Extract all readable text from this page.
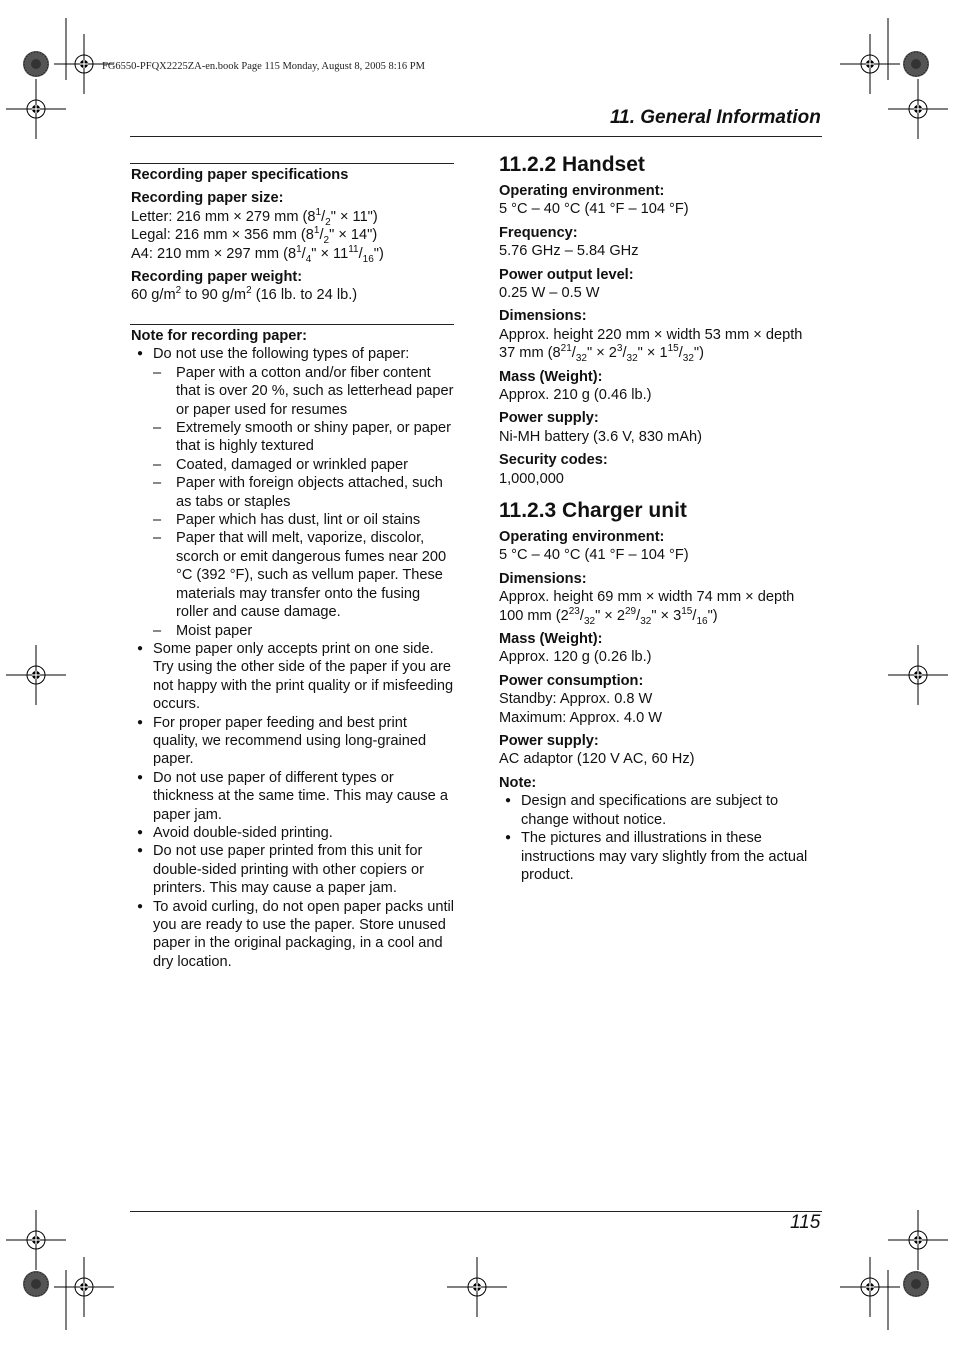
FG6550-PFQX2225ZA-en.book Page 115 Monday, August 8, 2005 8:16 PM
11. General Information

Recording paper specifications

Recording paper size:

Letter: 216 mm × 279 mm ($8^1/_2$" × 11")

Legal: 216 mm × 356 mm ($8^1/_2$" × 14")

A4: 210 mm × 297 mm ($8^1/_4$" × $11^{11}/_{16}$")

Recording paper weight:

60 $g/m^2$ to 90 $g/m^2$ (16 lb. to 24 lb.)

Note for recording paper:

● Do not use the following types of paper:
– Paper with a cotton and/or fiber content that is over 20 %, such as letterhead paper or paper used for resumes
– Extremely smooth or shiny paper, or paper that is highly textured
– Coated, damaged or wrinkled paper
– Paper with foreign objects attached, such as tabs or staples
– Paper which has dust, lint or oil stains
– Paper that will melt, vaporize, discolor, scorch or emit dangerous fumes near 200 °C (392 °F), such as vellum paper. These materials may transfer onto the fusing roller and cause damage.
– Moist paper
● Some paper only accepts print on one side. Try using the other side of the paper if you are not happy with the print quality or if misfeeding occurs.
● For proper paper feeding and best print quality, we recommend using long-grained paper.
● Do not use paper of different types or thickness at the same time. This may cause a paper jam.
● Avoid double-sided printing.
● Do not use paper printed from this unit for double-sided printing with other copiers or printers. This may cause a paper jam.
● To avoid curling, do not open paper packs until you are ready to use the paper. Store unused paper in the original packaging, in a cool and dry location.

11.2.2 Handset

Operating environment:

5 °C – 40 °C (41 °F – 104 °F)

Frequency:

5.76 GHz – 5.84 GHz

Power output level:

0.25 W – 0.5 W

Dimensions:

Approx. height 220 mm × width 53 mm × depth

37 mm ($8^{21}/_{32}$" × $2^3/_{32}$" × $1^{15}/_{32}$")

Mass (Weight):

Approx. 210 g (0.46 lb.)

Power supply:

Ni-MH battery (3.6 V, 830 mAh)

Security codes:

1,000,000

11.2.3 Charger unit

Operating environment:

5 °C – 40 °C (41 °F – 104 °F)

Dimensions:

Approx. height 69 mm × width 74 mm × depth

100 mm ($2^{23}/_{32}$" × $2^{29}/_{32}$" × $3^{15}/_{16}$")

Mass (Weight):

Approx. 120 g (0.26 lb.)

Power consumption:

Standby: Approx. 0.8 W

Maximum: Approx. 4.0 W

Power supply:

AC adaptor (120 V AC, 60 Hz)

Note:

● Design and specifications are subject to change without notice.
● The pictures and illustrations in these instructions may vary slightly from the actual product.
115
